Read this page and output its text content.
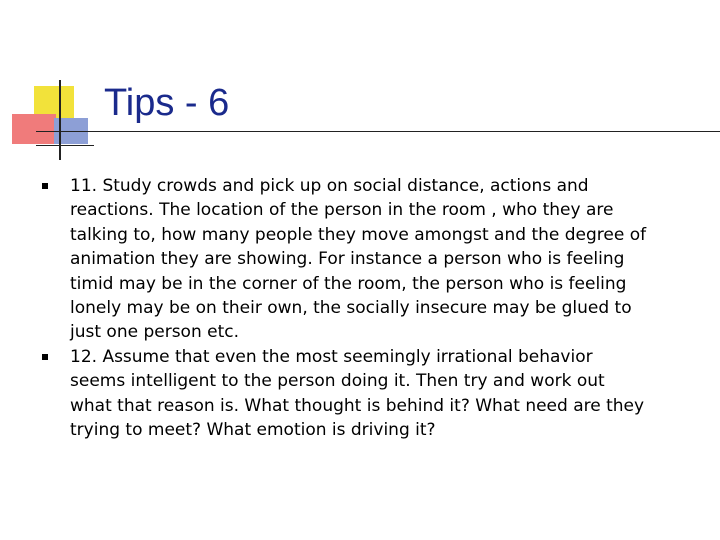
Tips - 6
11. Study crowds and pick up on social distance, actions and reactions. The location of the person in the room , who they are talking to, how many people they move amongst and the degree of animation they are showing. For instance a person who is feeling timid may be in the corner of the room, the person who is feeling lonely may be on their own, the socially insecure may be glued to just one person etc.
12. Assume that even the most seemingly irrational behavior seems intelligent to the person doing it. Then try and work out what that reason is. What thought is behind it? What need are they trying to meet? What emotion is driving it?
